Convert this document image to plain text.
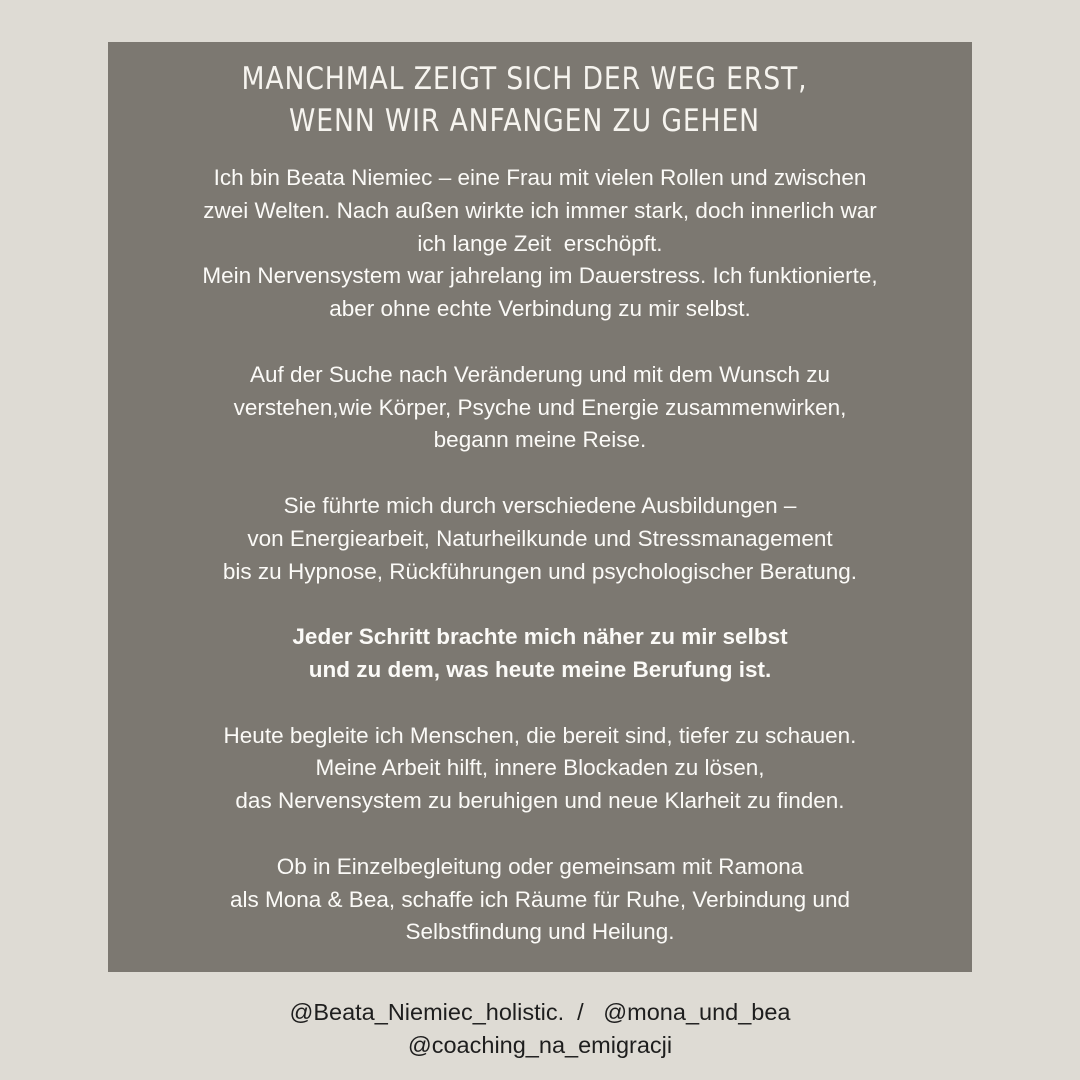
MANCHMAL ZEIGT SICH DER WEG ERST,
WENN WIR ANFANGEN ZU GEHEN
Ich bin Beata Niemiec – eine Frau mit vielen Rollen und zwischen
zwei Welten. Nach außen wirkte ich immer stark, doch innerlich war
ich lange Zeit  erschöpft.
Mein Nervensystem war jahrelang im Dauerstress. Ich funktionierte,
aber ohne echte Verbindung zu mir selbst.
Auf der Suche nach Veränderung und mit dem Wunsch zu
verstehen,wie Körper, Psyche und Energie zusammenwirken,
begann meine Reise.
Sie führte mich durch verschiedene Ausbildungen –
von Energiearbeit, Naturheilkunde und Stressmanagement
bis zu Hypnose, Rückführungen und psychologischer Beratung.
Jeder Schritt brachte mich näher zu mir selbst
und zu dem, was heute meine Berufung ist.
Heute begleite ich Menschen, die bereit sind, tiefer zu schauen.
Meine Arbeit hilft, innere Blockaden zu lösen,
das Nervensystem zu beruhigen und neue Klarheit zu finden.
Ob in Einzelbegleitung oder gemeinsam mit Ramona
als Mona & Bea, schaffe ich Räume für Ruhe, Verbindung und
Selbstfindung und Heilung.
@Beata_Niemiec_holistic.  /   @mona_und_bea
@coaching_na_emigracji
